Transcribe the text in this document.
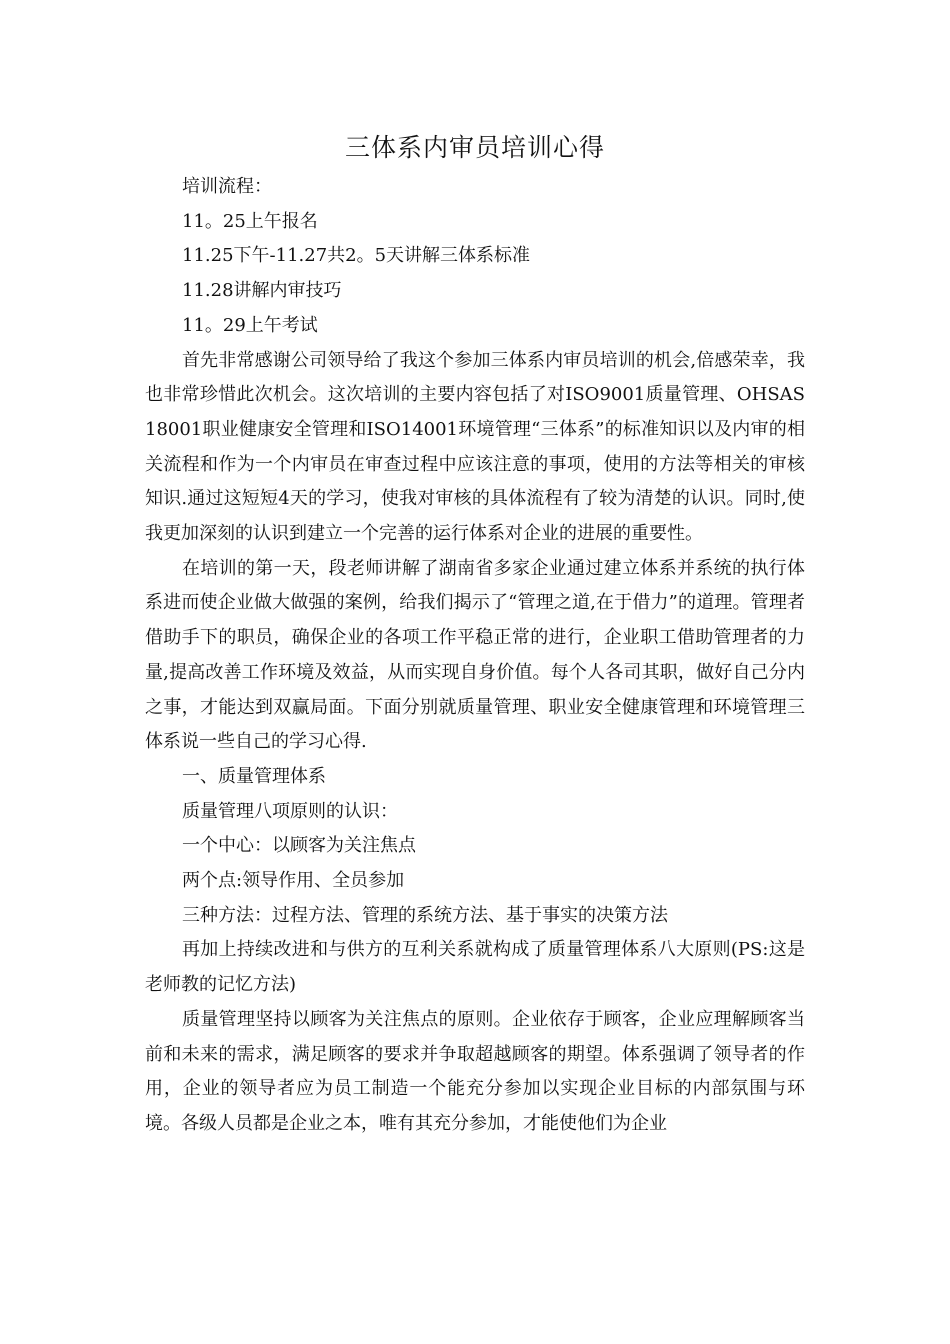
三体系内审员培训心得

培训流程：

11。25上午报名

11.25下午-11.27共2。5天讲解三体系标准

11.28讲解内审技巧

11。29上午考试

首先非常感谢公司领导给了我这个参加三体系内审员培训的机会,倍感荣幸，我也非常珍惜此次机会。这次培训的主要内容包括了对ISO9001质量管理、OHSAS18001职业健康安全管理和ISO14001环境管理“三体系”的标准知识以及内审的相关流程和作为一个内审员在审查过程中应该注意的事项，使用的方法等相关的审核知识.通过这短短4天的学习，使我对审核的具体流程有了较为清楚的认识。同时,使我更加深刻的认识到建立一个完善的运行体系对企业的进展的重要性。

在培训的第一天，段老师讲解了湖南省多家企业通过建立体系并系统的执行体系进而使企业做大做强的案例，给我们揭示了“管理之道,在于借力”的道理。管理者借助手下的职员，确保企业的各项工作平稳正常的进行，企业职工借助管理者的力量,提高改善工作环境及效益，从而实现自身价值。每个人各司其职，做好自己分内之事，才能达到双赢局面。下面分别就质量管理、职业安全健康管理和环境管理三体系说一些自己的学习心得.

一、质量管理体系

质量管理八项原则的认识：

一个中心：以顾客为关注焦点

两个点:领导作用、全员参加

三种方法：过程方法、管理的系统方法、基于事实的决策方法

再加上持续改进和与供方的互利关系就构成了质量管理体系八大原则(PS:这是老师教的记忆方法)

质量管理坚持以顾客为关注焦点的原则。企业依存于顾客，企业应理解顾客当前和未来的需求，满足顾客的要求并争取超越顾客的期望。体系强调了领导者的作用，企业的领导者应为员工制造一个能充分参加以实现企业目标的内部氛围与环境。各级人员都是企业之本，唯有其充分参加，才能使他们为企业
